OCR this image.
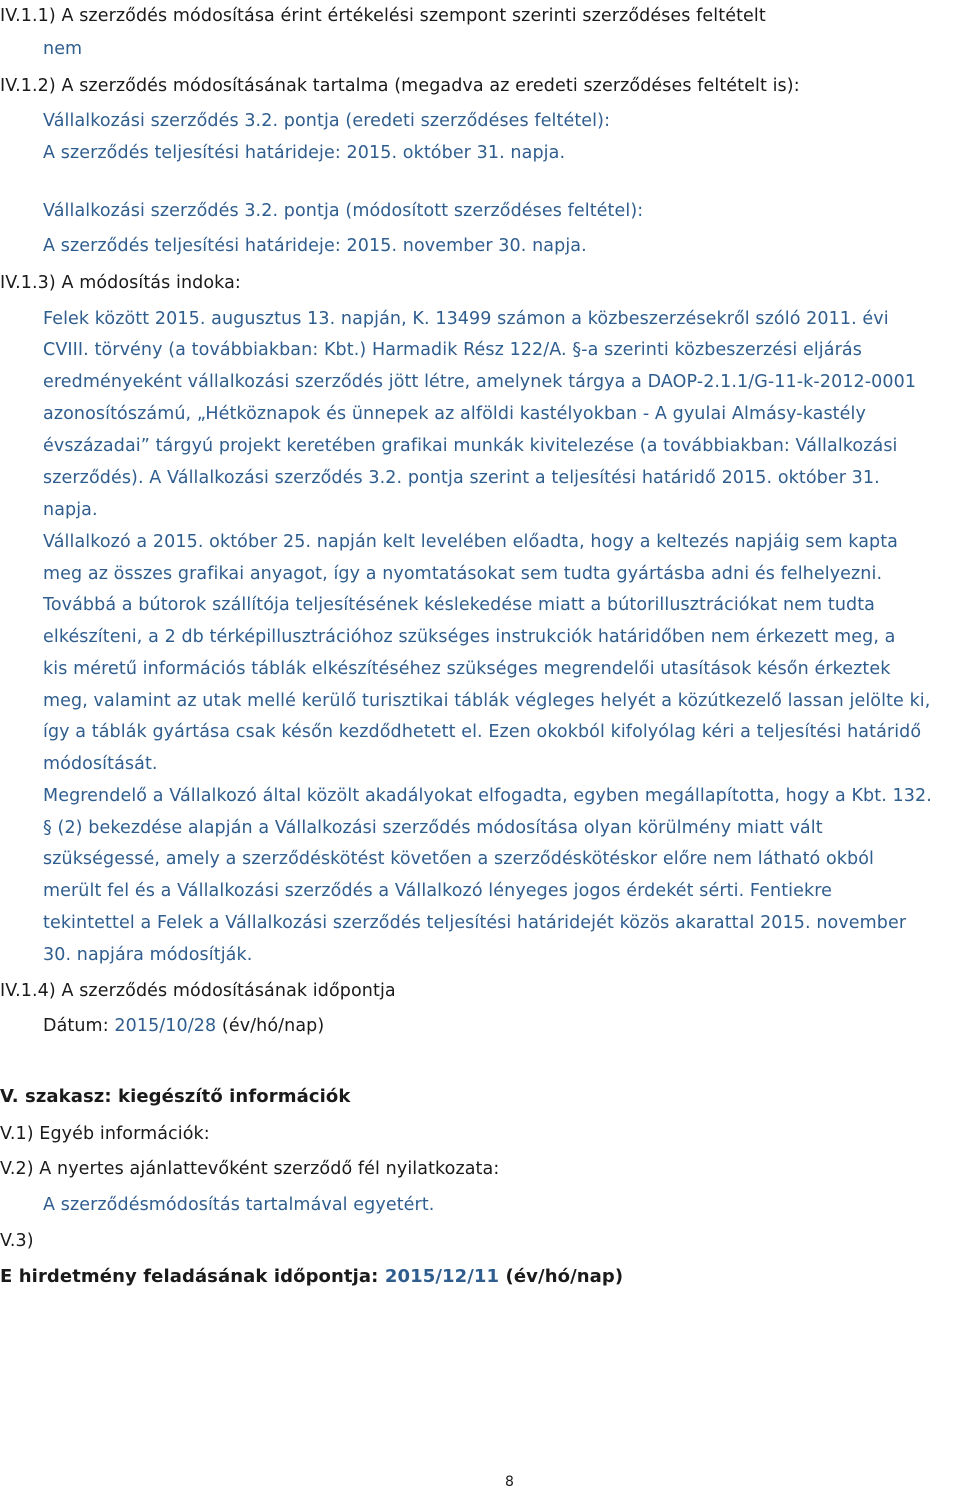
IV.1.1) A szerződés módosítása érint értékelési szempont szerinti szerződéses feltételt
nem
IV.1.2) A szerződés módosításának tartalma (megadva az eredeti szerződéses feltételt is):
Vállalkozási szerződés 3.2. pontja (eredeti szerződéses feltétel):
A szerződés teljesítési határideje: 2015. október 31. napja.
Vállalkozási szerződés 3.2. pontja (módosított szerződéses feltétel):
A szerződés teljesítési határideje: 2015. november 30. napja.
IV.1.3) A módosítás indoka:
Felek között 2015. augusztus 13. napján, K. 13499 számon a közbeszerzésekről szóló 2011. évi
CVIII. törvény (a továbbiakban: Kbt.) Harmadik Rész 122/A. §-a szerinti közbeszerzési eljárás
eredményeként vállalkozási szerződés jött létre, amelynek tárgya a DAOP-2.1.1/G-11-k-2012-0001
azonosítószámú, „Hétköznapok és ünnepek az alföldi kastélyokban - A gyulai Almásy-kastély
évszázadai” tárgyú projekt keretében grafikai munkák kivitelezése (a továbbiakban: Vállalkozási
szerződés). A Vállalkozási szerződés 3.2. pontja szerint a teljesítési határidő 2015. október 31.
napja.
Vállalkozó a 2015. október 25. napján kelt levelében előadta, hogy a keltezés napjáig sem kapta
meg az összes grafikai anyagot, így a nyomtatásokat sem tudta gyártásba adni és felhelyezni.
Továbbá a bútorok szállítója teljesítésének késlekedése miatt a bútorillusztrációkat nem tudta
elkészíteni, a 2 db térképillusztrációhoz szükséges instrukciók határidőben nem érkezett meg, a
kis méretű információs táblák elkészítéséhez szükséges megrendelői utasítások későn érkeztek
meg, valamint az utak mellé kerülő turisztikai táblák végleges helyét a közútkezelő lassan jelölte ki,
így a táblák gyártása csak későn kezdődhetett el. Ezen okokból kifolyólag kéri a teljesítési határidő
módosítását.
Megrendelő a Vállalkozó által közölt akadályokat elfogadta, egyben megállapította, hogy a Kbt. 132.
§ (2) bekezdése alapján a Vállalkozási szerződés módosítása olyan körülmény miatt vált
szükségessé, amely a szerződéskötést követően a szerződéskötéskor előre nem látható okból
merült fel és a Vállalkozási szerződés a Vállalkozó lényeges jogos érdekét sérti. Fentiekre
tekintettel a Felek a Vállalkozási szerződés teljesítési határidejét közös akarattal 2015. november
30. napjára módosítják.
IV.1.4) A szerződés módosításának időpontja
Dátum: 2015/10/28 (év/hó/nap)
V. szakasz: kiegészítő információk
V.1) Egyéb információk:
V.2) A nyertes ajánlattevőként szerződő fél nyilatkozata:
A szerződésmódosítás tartalmával egyetért.
V.3)
E hirdetmény feladásának időpontja: 2015/12/11 (év/hó/nap)
8
